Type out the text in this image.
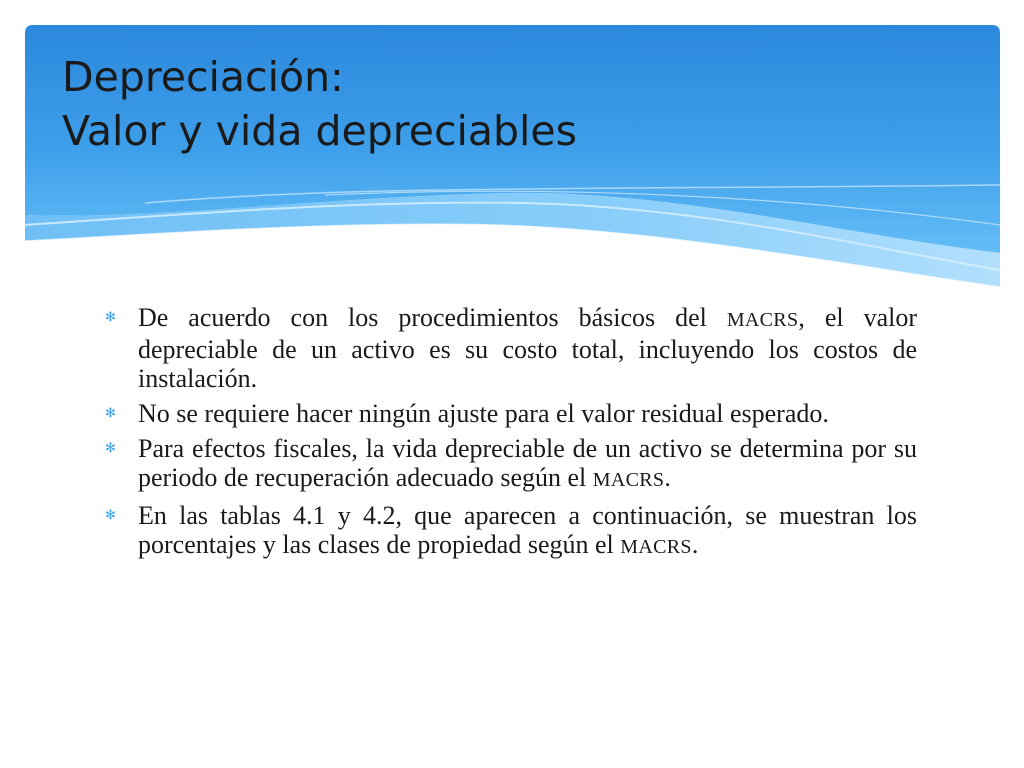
Depreciación:
Valor y vida depreciables
✻ De acuerdo con los procedimientos básicos del MACRS, el valor depreciable de un activo es su costo total, incluyendo los costos de instalación.
✻ No se requiere hacer ningún ajuste para el valor residual esperado.
✻ Para efectos fiscales, la vida depreciable de un activo se determina por su periodo de recuperación adecuado según el MACRS.
✻ En las tablas 4.1 y 4.2, que aparecen a continuación, se muestran los porcentajes y las clases de propiedad según el MACRS.
